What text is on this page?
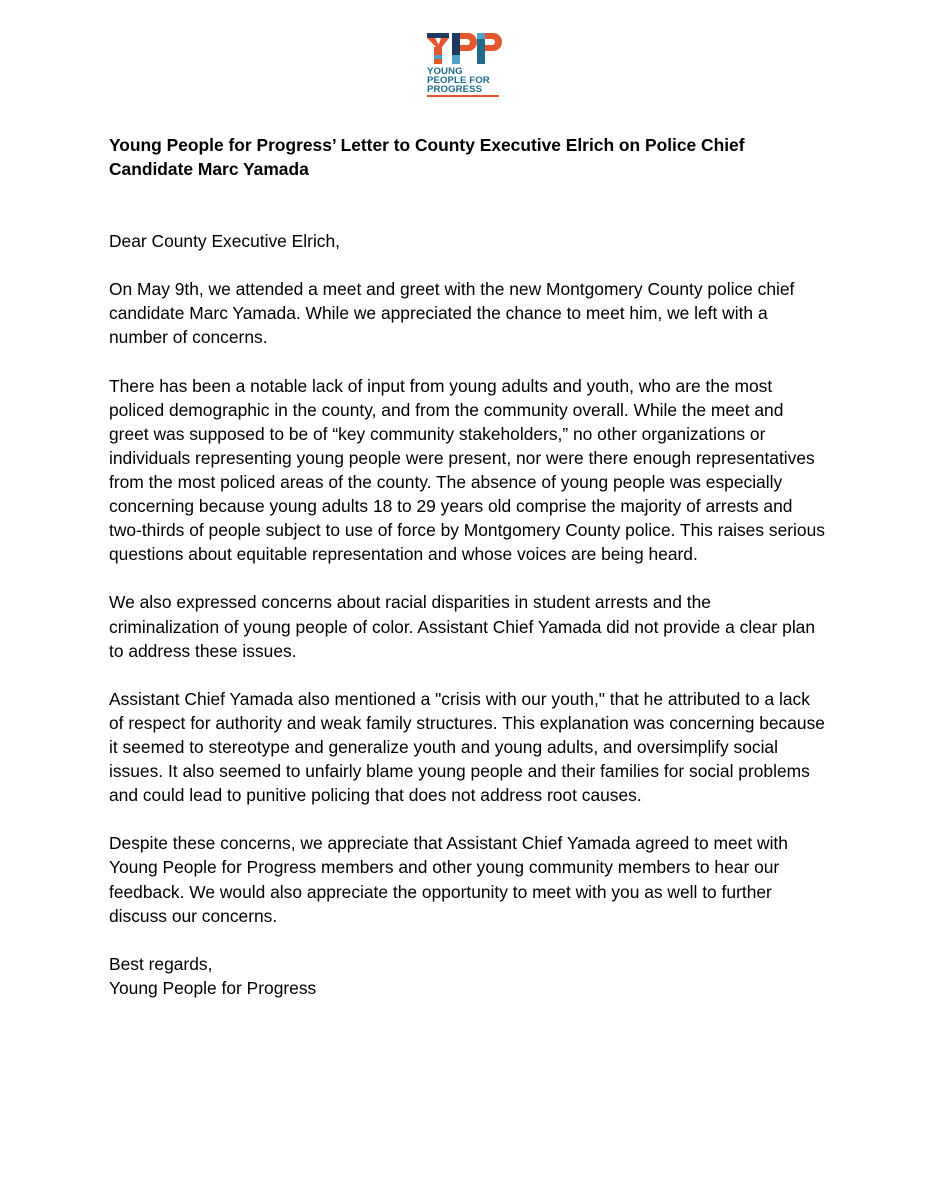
YOUNG
PEOPLE FOR
PROGRESS
Young People for Progress’ Letter to County Executive Elrich on Police Chief Candidate Marc Yamada

Dear County Executive Elrich,

On May 9th, we attended a meet and greet with the new Montgomery County police chief candidate Marc Yamada. While we appreciated the chance to meet him, we left with a number of concerns.

There has been a notable lack of input from young adults and youth, who are the most policed demographic in the county, and from the community overall. While the meet and greet was supposed to be of “key community stakeholders,” no other organizations or individuals representing young people were present, nor were there enough representatives from the most policed areas of the county. The absence of young people was especially concerning because young adults 18 to 29 years old comprise the majority of arrests and two-thirds of people subject to use of force by Montgomery County police. This raises serious questions about equitable representation and whose voices are being heard.

We also expressed concerns about racial disparities in student arrests and the criminalization of young people of color. Assistant Chief Yamada did not provide a clear plan to address these issues.

Assistant Chief Yamada also mentioned a "crisis with our youth," that he attributed to a lack of respect for authority and weak family structures. This explanation was concerning because it seemed to stereotype and generalize youth and young adults, and oversimplify social issues. It also seemed to unfairly blame young people and their families for social problems and could lead to punitive policing that does not address root causes.

Despite these concerns, we appreciate that Assistant Chief Yamada agreed to meet with Young People for Progress members and other young community members to hear our feedback. We would also appreciate the opportunity to meet with you as well to further discuss our concerns.

Best regards,

Young People for Progress
